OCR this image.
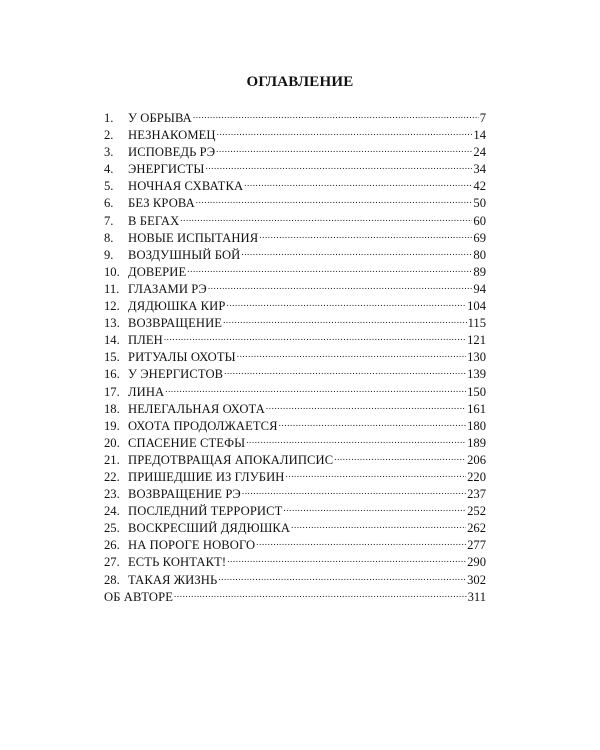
ОГЛАВЛЕНИЕ
1.	У ОБРЫВА .....	7
2.	НЕЗНАКОМЕЦ .....	14
3.	ИСПОВЕДЬ РЭ .....	24
4.	ЭНЕРГИСТЫ .....	34
5.	НОЧНАЯ СХВАТКА .....	42
6.	БЕЗ КРОВА .....	50
7.	В БЕГАХ .....	60
8.	НОВЫЕ ИСПЫТАНИЯ .....	69
9.	ВОЗДУШНЫЙ БОЙ .....	80
10. ДОВЕРИЕ .....	89
11. ГЛАЗАМИ РЭ .....	94
12. ДЯДЮШКА КИР .....	104
13. ВОЗВРАЩЕНИЕ .....	115
14. ПЛЕН .....	121
15. РИТУАЛЫ ОХОТЫ .....	130
16. У ЭНЕРГИСТОВ .....	139
17. ЛИНА .....	150
18. НЕЛЕГАЛЬНАЯ ОХОТА .....	161
19. ОХОТА ПРОДОЛЖАЕТСЯ .....	180
20. СПАСЕНИЕ СТЕФЫ .....	189
21. ПРЕДОТВРАЩАЯ АПОКАЛИПСИС .....	206
22. ПРИШЕДШИЕ ИЗ ГЛУБИН .....	220
23. ВОЗВРАЩЕНИЕ РЭ .....	237
24. ПОСЛЕДНИЙ ТЕРРОРИСТ .....	252
25. ВОСКРЕСШИЙ ДЯДЮШКА .....	262
26. НА ПОРОГЕ НОВОГО .....	277
27. ЕСТЬ КОНТАКТ! .....	290
28. ТАКАЯ ЖИЗНЬ .....	302
ОБ АВТОРЕ .....	311
